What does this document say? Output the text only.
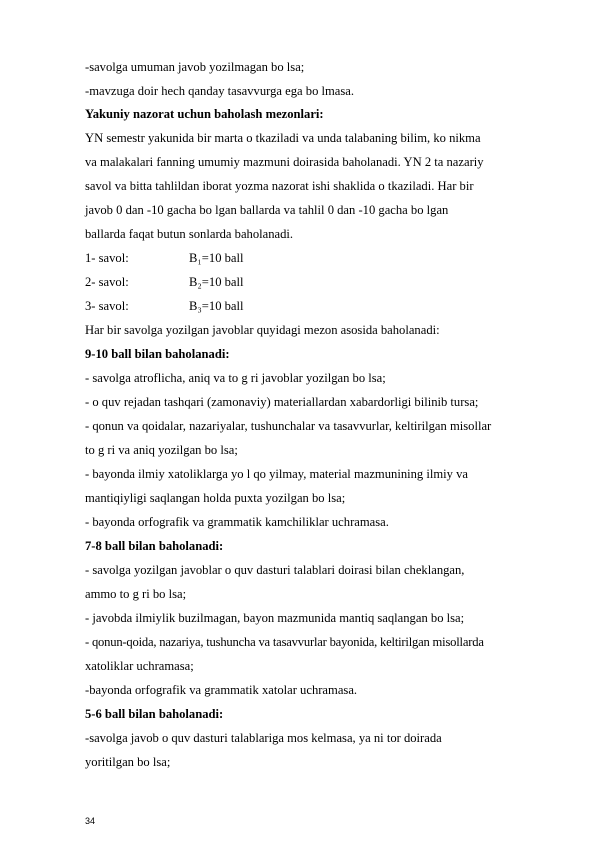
-savolga umuman javob yozilmagan bo lsa;
-mavzuga doir hech qanday tasavvurga ega bo lmasa.
Yakuniy nazorat uchun baholash mezonlari:
YN semestr yakunida bir marta o tkaziladi va unda talabaning bilim, ko nikma
va malakalari fanning umumiy mazmuni doirasida baholanadi. YN 2 ta nazariy
savol va bitta tahlildan iborat yozma nazorat ishi shaklida o tkaziladi. Har bir
javob 0 dan -10 gacha bo lgan ballarda va tahlil 0 dan -10 gacha bo lgan
ballarda faqat butun sonlarda baholanadi.
1- savol:	B₁=10 ball
2- savol:	B₂=10 ball
3- savol:	B₃=10 ball
Har bir savolga yozilgan javoblar quyidagi mezon asosida baholanadi:
9-10 ball bilan baholanadi:
- savolga atroflicha, aniq va to g ri javoblar yozilgan bo lsa;
- o quv rejadan tashqari (zamonaviy) materiallardan xabardorligi bilinib tursa;
- qonun va qoidalar, nazariyalar, tushunchalar va tasavvurlar, keltirilgan misollar
to g ri va aniq yozilgan bo lsa;
- bayonda ilmiy xatoliklarga yo l qo yilmay, material mazmunining ilmiy va
mantiqiyligi saqlangan holda puxta yozilgan bo lsa;
- bayonda orfografik va grammatik kamchiliklar uchramasa.
7-8 ball bilan baholanadi:
- savolga yozilgan javoblar o quv dasturi talablari doirasi bilan cheklangan,
ammo to g ri bo lsa;
- javobda ilmiylik buzilmagan, bayon mazmunida mantiq saqlangan bo lsa;
- qonun-qoida, nazariya, tushuncha va tasavvurlar bayonida, keltirilgan misollarda
xatoliklar uchramasa;
-bayonda orfografik va grammatik xatolar uchramasa.
5-6 ball bilan baholanadi:
-savolga javob o quv dasturi talablariga mos kelmasa, ya ni tor doirada
yoritilgan bo lsa;
34
